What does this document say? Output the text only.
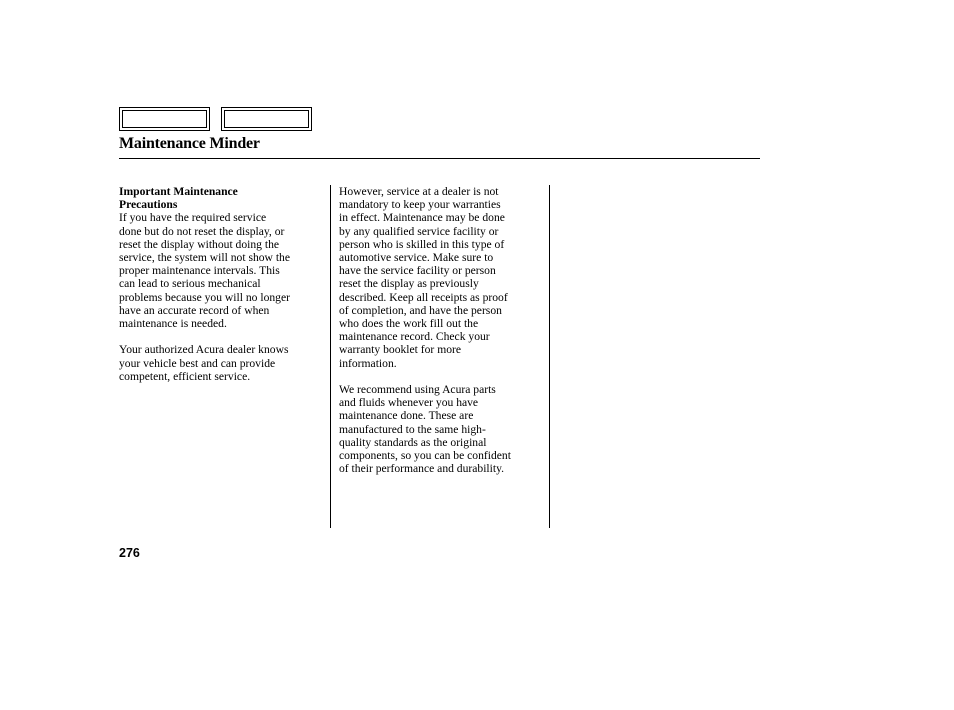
Maintenance Minder

Important Maintenance
Precautions

If you have the required service
done but do not reset the display, or
reset the display without doing the
service, the system will not show the
proper maintenance intervals. This
can lead to serious mechanical
problems because you will no longer
have an accurate record of when
maintenance is needed.

Your authorized Acura dealer knows
your vehicle best and can provide
competent, efficient service.

However, service at a dealer is not
mandatory to keep your warranties
in effect. Maintenance may be done
by any qualified service facility or
person who is skilled in this type of
automotive service. Make sure to
have the service facility or person
reset the display as previously
described. Keep all receipts as proof
of completion, and have the person
who does the work fill out the
maintenance record. Check your
warranty booklet for more
information.

We recommend using Acura parts
and fluids whenever you have
maintenance done. These are
manufactured to the same high-
quality standards as the original
components, so you can be confident
of their performance and durability.

276
